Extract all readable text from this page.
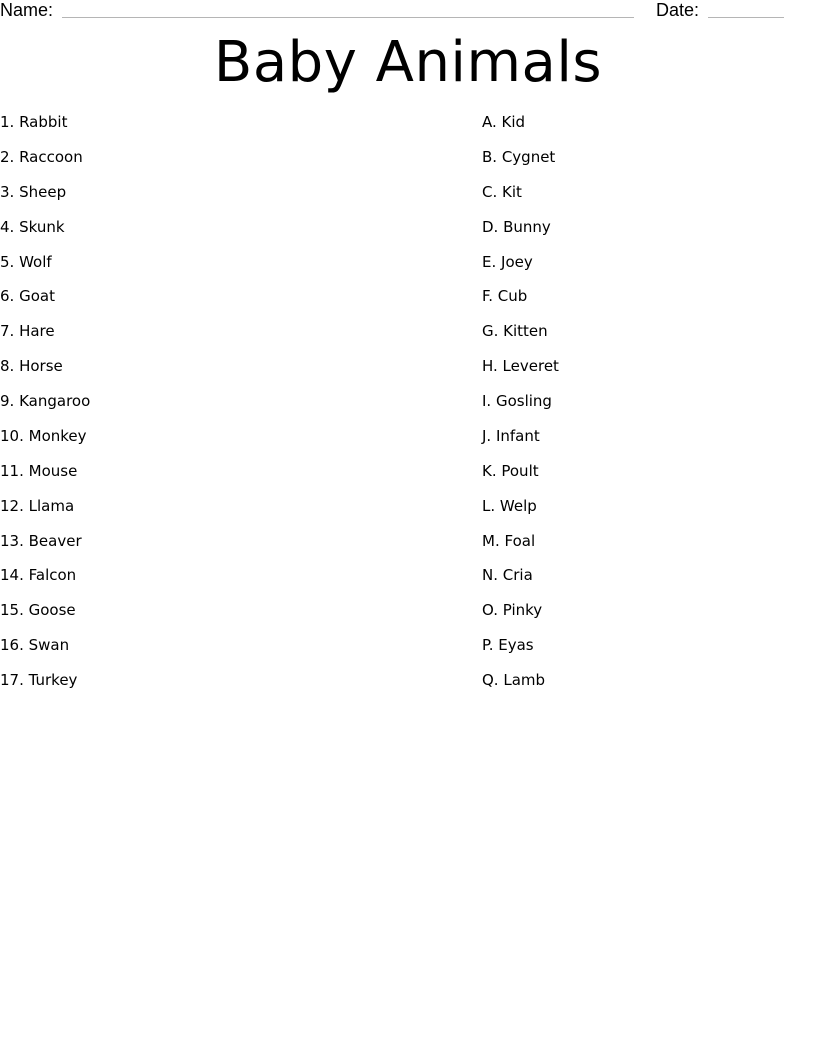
Name:	Date:
Baby Animals
1. Rabbit
2. Raccoon
3. Sheep
4. Skunk
5. Wolf
6. Goat
7. Hare
8. Horse
9. Kangaroo
10. Monkey
11. Mouse
12. Llama
13. Beaver
14. Falcon
15. Goose
16. Swan
17. Turkey
A. Kid
B. Cygnet
C. Kit
D. Bunny
E. Joey
F. Cub
G. Kitten
H. Leveret
I. Gosling
J. Infant
K. Poult
L. Welp
M. Foal
N. Cria
O. Pinky
P. Eyas
Q. Lamb
